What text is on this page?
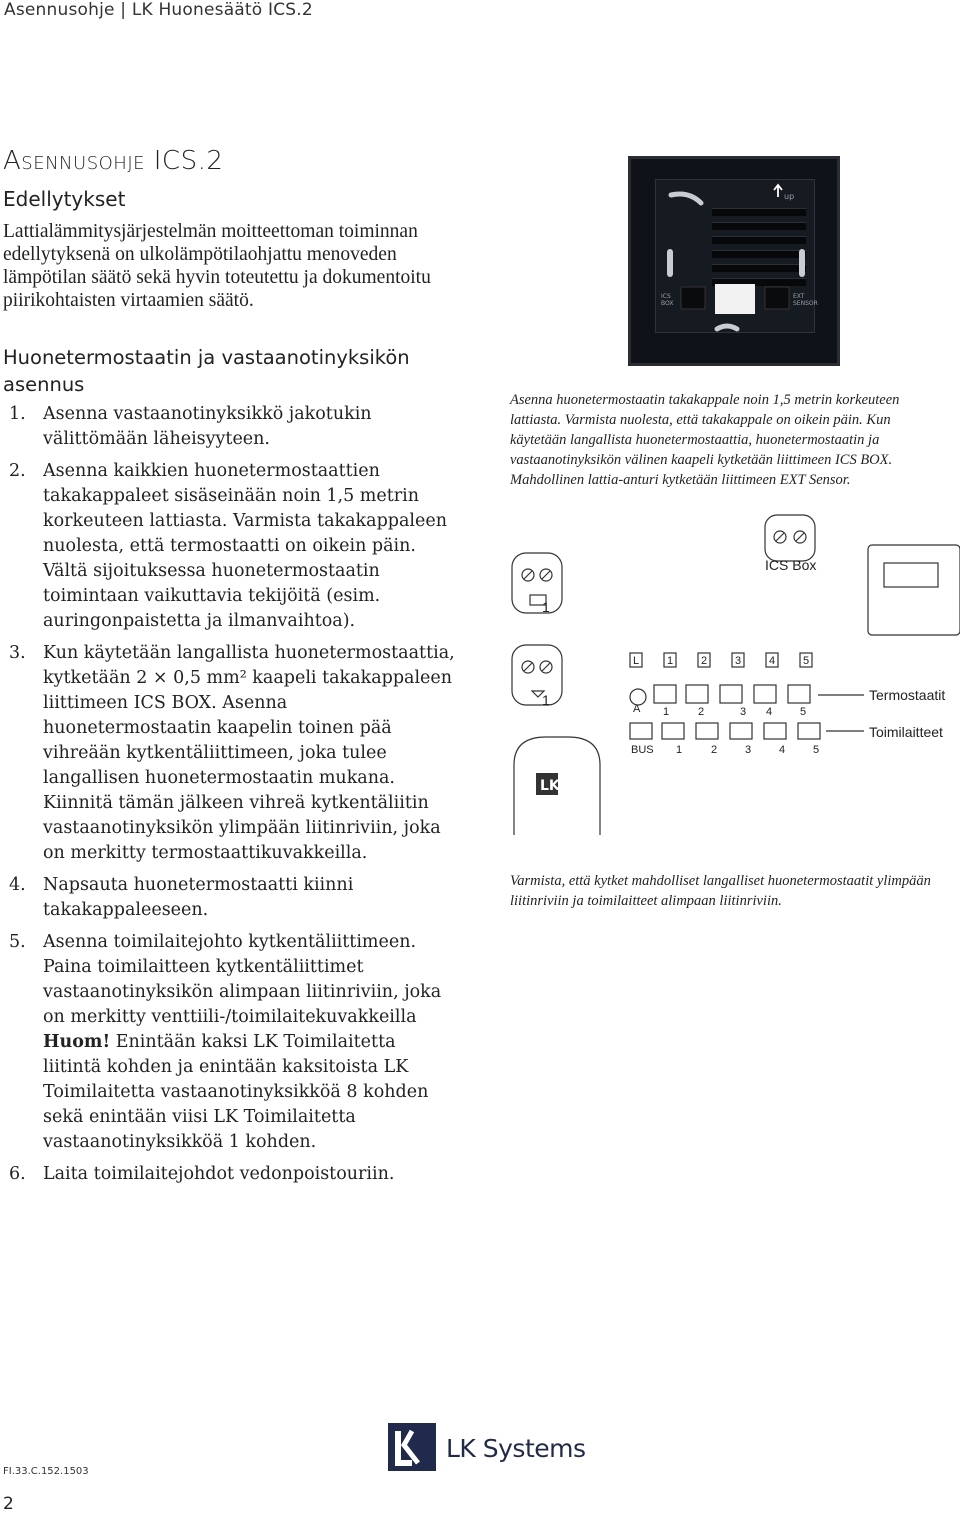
Asennusohje | LK Huonesäätö ICS.2
Asennusohje ICS.2
Edellytykset
Lattialämmitysjärjestelmän moitteettoman toiminnan edellytyksenä on ulkolämpötilaohjattu menoveden lämpötilan säätö sekä hyvin toteutettu ja dokumentoitu piirikohtaisten virtaamien säätö.
Huonetermostaatin ja vastaanotinyksikön asennus
1. Asenna vastaanotinyksikkö jakotukin välittömään läheisyyteen.
2. Asenna kaikkien huonetermostaattien takakappaleet sisäseinään noin 1,5 metrin korkeuteen lattiasta. Varmista takakappaleen nuolesta, että termostaatti on oikein päin. Vältä sijoituksessa huonetermostaatin toimintaan vaikuttavia tekijöitä (esim. auringonpaistetta ja ilmanvaihtoa).
3. Kun käytetään langallista huonetermostaattia, kytketään 2 × 0,5 mm² kaapeli takakappaleen liittimeen ICS BOX. Asenna huonetermostaatin kaapelin toinen pää vihreään kytkentäliittimeen, joka tulee langallisen huonetermostaatin mukana. Kiinnitä tämän jälkeen vihreä kytkentäliitin vastaanotinyksikön ylimpään liitinriviin, joka on merkitty termostaattikuvakkeilla.
4. Napsauta huonetermostaatti kiinni takakappaleeseen.
5. Asenna toimilaitejohto kytkentäliittimeen. Paina toimilaitteen kytkentäliittimet vastaanotinyksikön alimpaan liitinriviin, joka on merkitty venttiili-/toimilaitekuvakkeilla Huom! Enintään kaksi LK Toimilaitetta liitintä kohden ja enintään kaksitoista LK Toimilaitetta vastaanotinyksikköä 8 kohden sekä enintään viisi LK Toimilaitetta vastaanotinyksikköä 1 kohden.
6. Laita toimilaitejohdot vedonpoistouriin.
up
ICS
BOX
EXT
SENSOR
Asenna huonetermostaatin takakappale noin 1,5 metrin korkeuteen lattiasta. Varmista nuolesta, että takakappale on oikein päin. Kun käytetään langallista huonetermostaattia, huonetermostaatin ja vastaanotinyksikön välinen kaapeli kytketään liittimeen ICS BOX. Mahdollinen lattia-anturi kytketään liittimeen EXT Sensor.
LK
1
1
ICS Box
Termostaatit
Toimilaitteet
L	1	2	3	4	5
A 1	2	3 4	5
BUS 1	2	3	4	5
Varmista, että kytket mahdolliset langalliset huonetermostaatit ylimpään liitinriviin ja toimilaitteet alimpaan liitinriviin.
FI.33.C.152.1503
2
LK Systems
